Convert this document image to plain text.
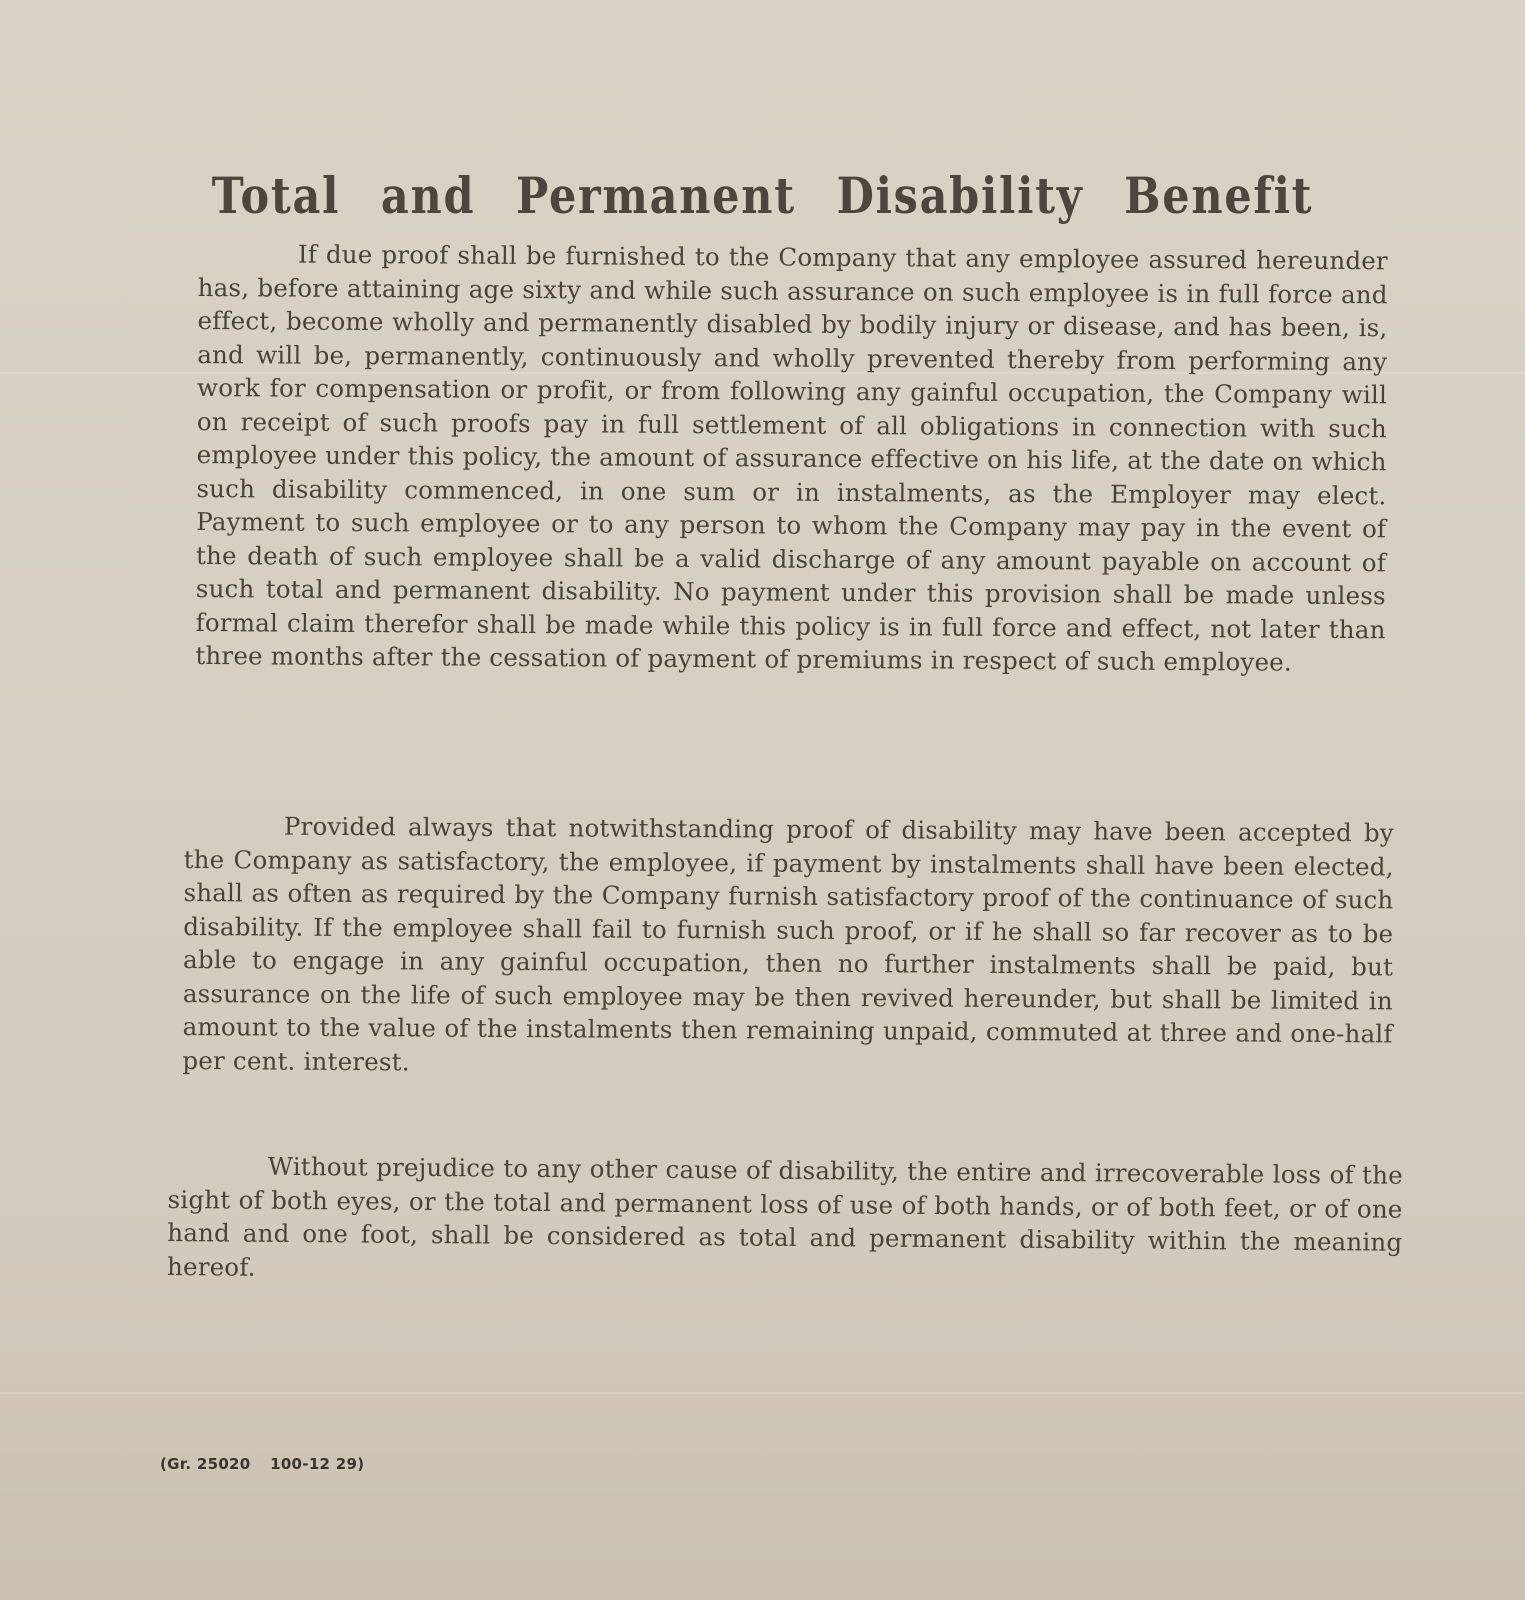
Total and Permanent Disability Benefit

If due proof shall be furnished to the Company that any employee assured hereunder has, before attaining age sixty and while such assurance on such employee is in full force and effect, become wholly and permanently disabled by bodily injury or disease, and has been, is, and will be, permanently, continuously and wholly prevented thereby from performing any work for compensation or profit, or from following any gainful occupation, the Company will on receipt of such proofs pay in full settlement of all obligations in connection with such employee under this policy, the amount of assurance effective on his life, at the date on which such disability commenced, in one sum or in instalments, as the Employer may elect. Payment to such employee or to any person to whom the Company may pay in the event of the death of such employee shall be a valid discharge of any amount payable on account of such total and permanent disability. No payment under this provision shall be made unless formal claim therefor shall be made while this policy is in full force and effect, not later than three months after the cessation of payment of premiums in respect of such employee.

Provided always that notwithstanding proof of disability may have been accepted by the Company as satisfactory, the employee, if payment by instalments shall have been elected, shall as often as required by the Company furnish satisfactory proof of the continuance of such disability. If the employee shall fail to furnish such proof, or if he shall so far recover as to be able to engage in any gainful occupation, then no further instalments shall be paid, but assurance on the life of such employee may be then revived hereunder, but shall be limited in amount to the value of the instalments then remaining unpaid, commuted at three and one-half per cent. interest.

Without prejudice to any other cause of disability, the entire and irrecoverable loss of the sight of both eyes, or the total and permanent loss of use of both hands, or of both feet, or of one hand and one foot, shall be considered as total and permanent disability within the meaning hereof.

(Gr. 25020 100-12 29)
